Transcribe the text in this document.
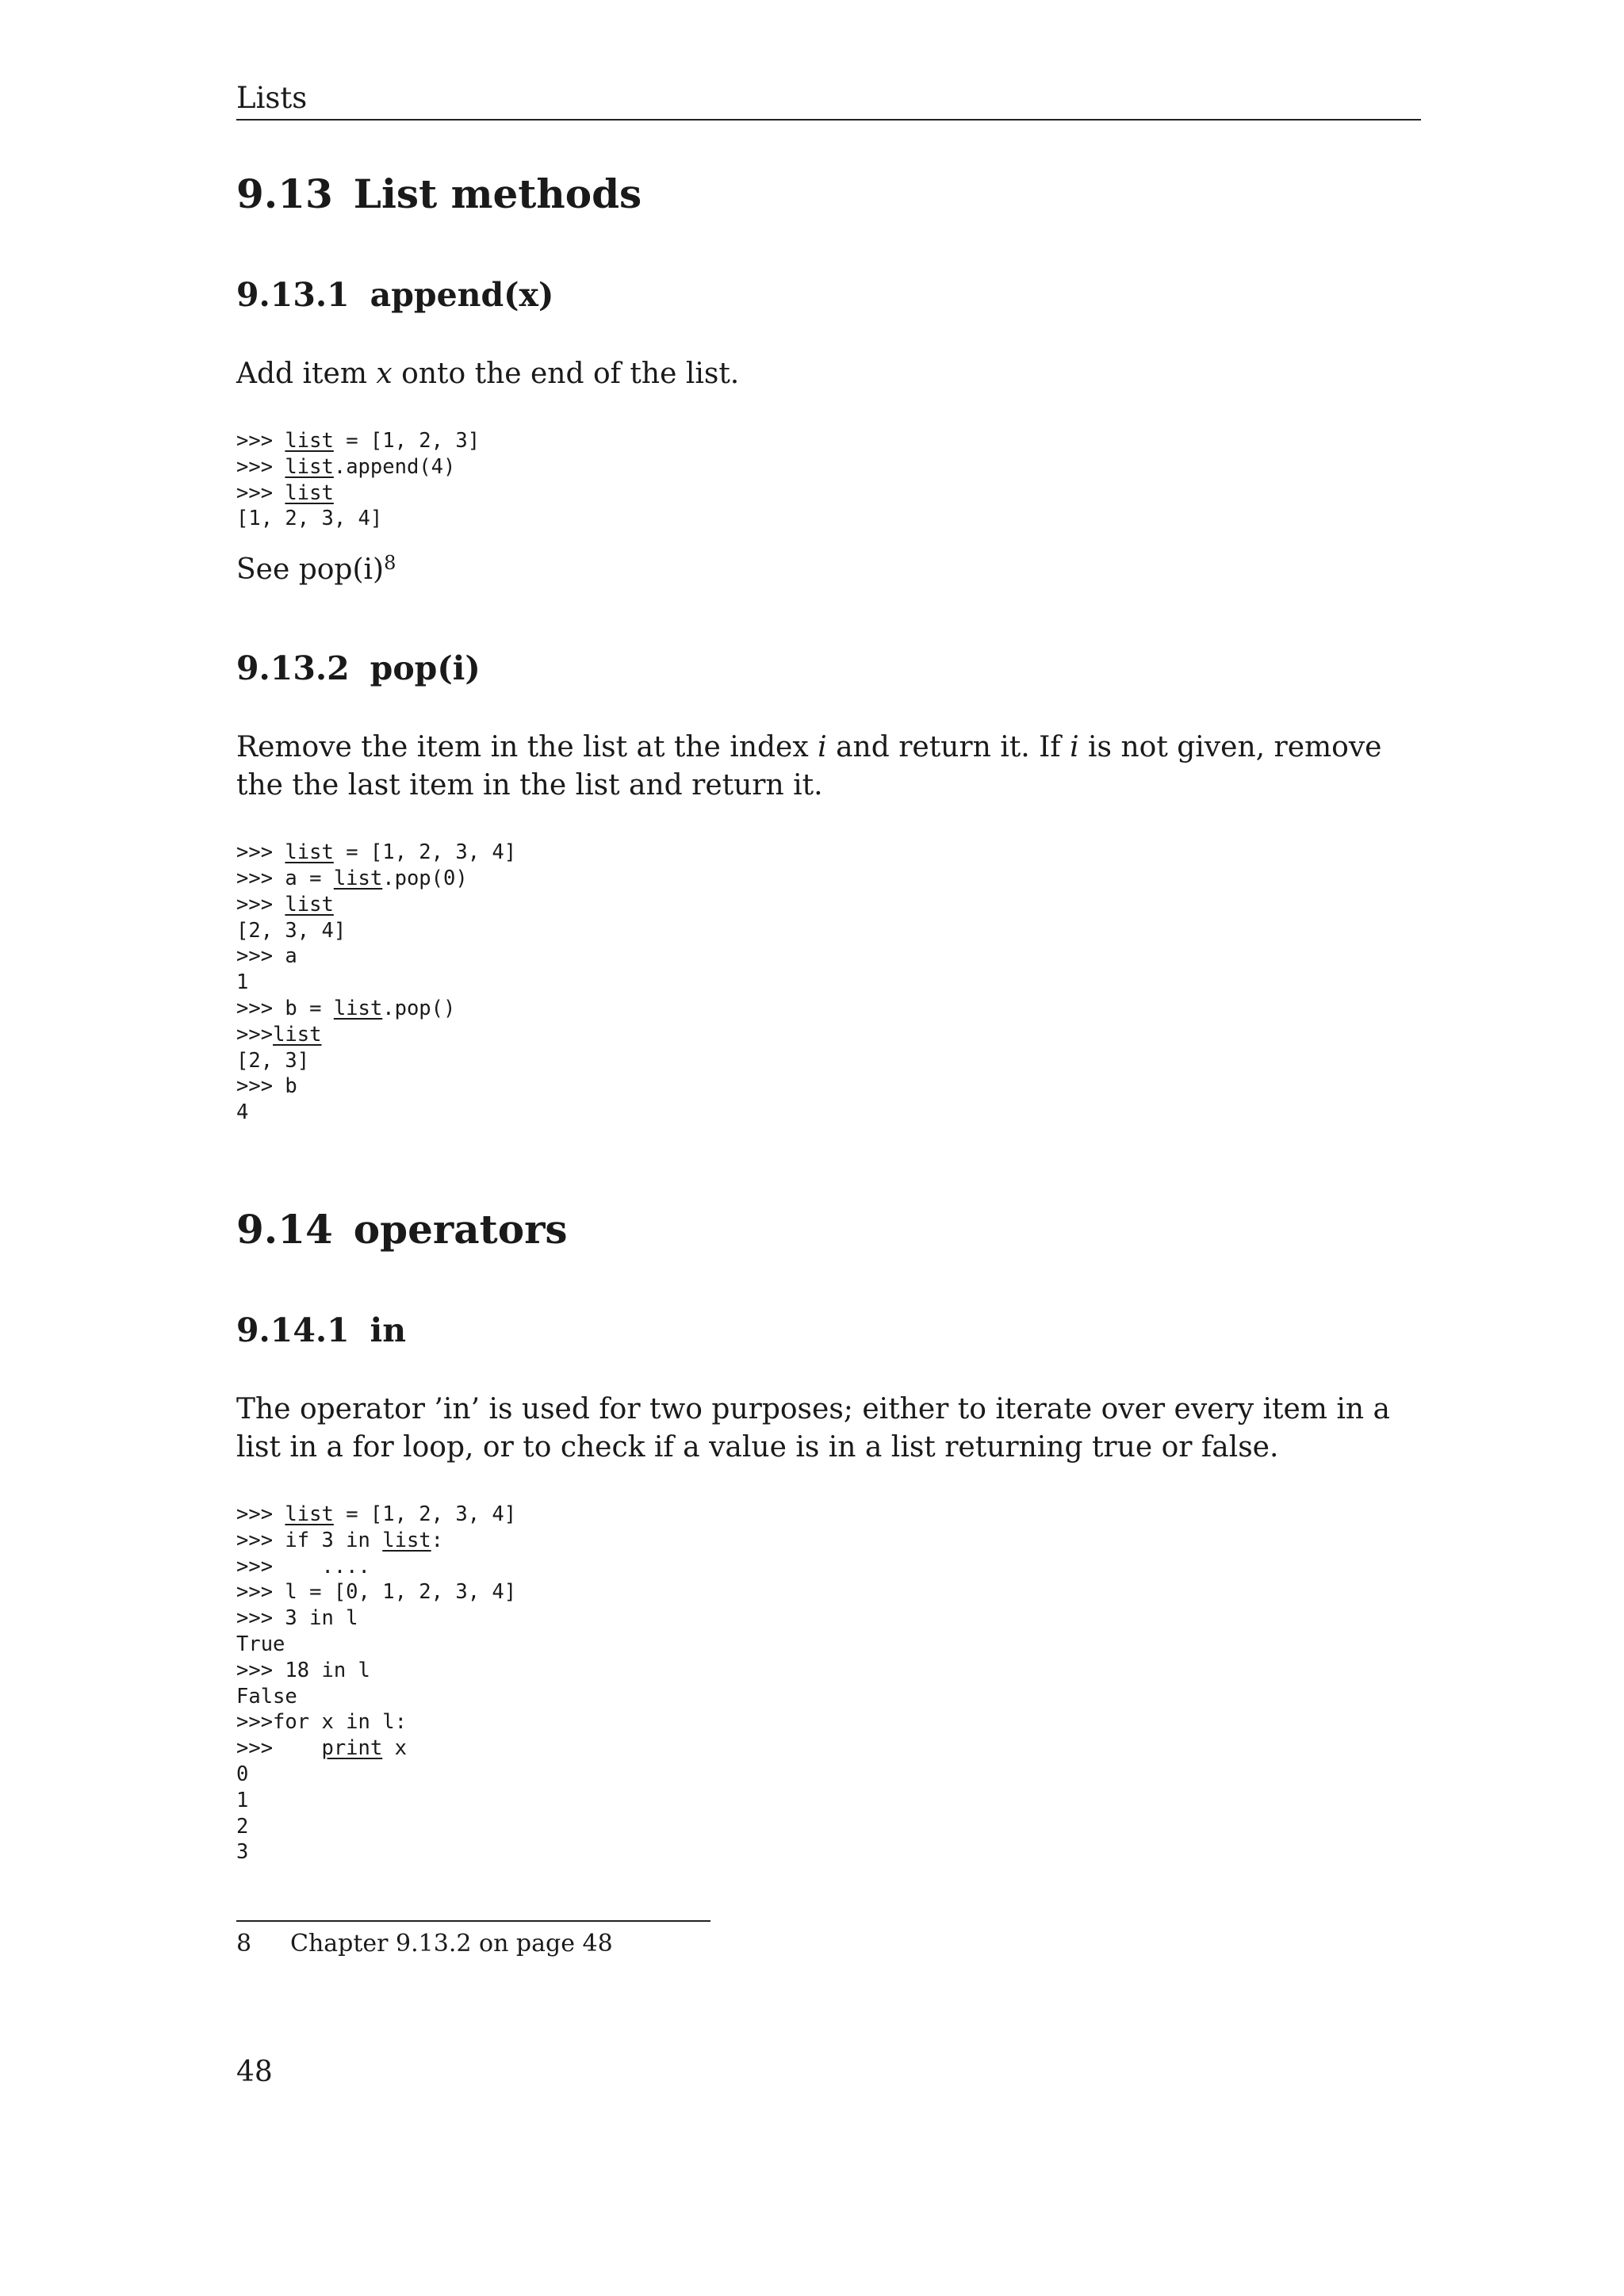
Lists
9.13 List methods
9.13.1 append(x)

Add item x onto the end of the list.

>>> list = [1, 2, 3]
>>> list.append(4)
>>> list
[1, 2, 3, 4]

See $pop(i)^8$

9.13.2 pop(i)

Remove the item in the list at the index i and return it. If i is not given, remove the the last item in the list and return it.

>>> list = [1, 2, 3, 4]
>>> a = list.pop(0)
>>> list
[2, 3, 4]
>>> a
1
>>> b = list.pop()
>>>list
[2, 3]
>>> b
4
9.14 operators
9.14.1 in

The operator ’in’ is used for two purposes; either to iterate over every item in a list in a for loop, or to check if a value is in a list returning true or false.

>>> list = [1, 2, 3, 4]
>>> if 3 in list:
>>>    ....
>>> l = [0, 1, 2, 3, 4]
>>> 3 in l
True
>>> 18 in l
False
>>>for x in l:
>>>    print x
0
1
2
3
8 Chapter 9.13.2 on page 48
48
